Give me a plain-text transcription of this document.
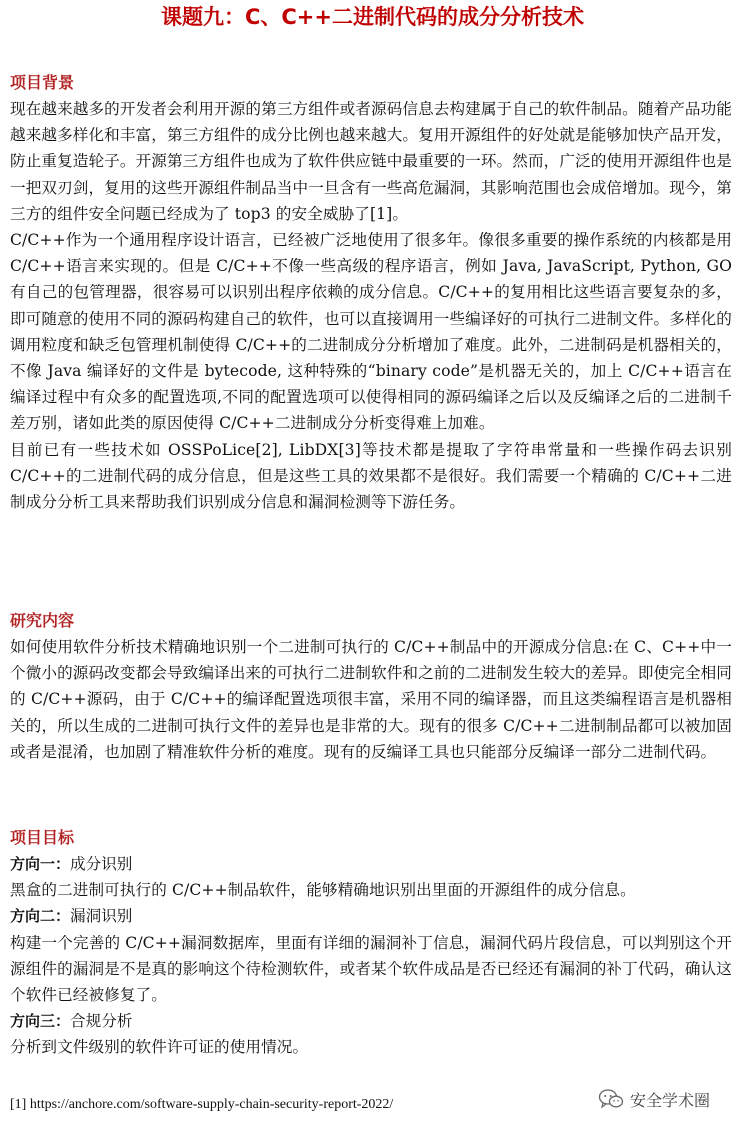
课题九：C、C++二进制代码的成分分析技术
项目背景

现在越来越多的开发者会利用开源的第三方组件或者源码信息去构建属于自己的软件制品。随着产品功能越来越多样化和丰富，第三方组件的成分比例也越来越大。复用开源组件的好处就是能够加快产品开发，防止重复造轮子。开源第三方组件也成为了软件供应链中最重要的一环。然而，广泛的使用开源组件也是一把双刃剑，复用的这些开源组件制品当中一旦含有一些高危漏洞，其影响范围也会成倍增加。现今，第三方的组件安全问题已经成为了 top3 的安全威胁了[1]。

C/C++作为一个通用程序设计语言，已经被广泛地使用了很多年。像很多重要的操作系统的内核都是用 C/C++语言来实现的。但是 C/C++不像一些高级的程序语言，例如 Java, JavaScript, Python, GO 有自己的包管理器，很容易可以识别出程序依赖的成分信息。C/C++的复用相比这些语言要复杂的多，即可随意的使用不同的源码构建自己的软件，也可以直接调用一些编译好的可执行二进制文件。多样化的调用粒度和缺乏包管理机制使得 C/C++的二进制成分分析增加了难度。此外，二进制码是机器相关的，不像 Java 编译好的文件是 bytecode, 这种特殊的“binary code”是机器无关的，加上 C/C++语言在编译过程中有众多的配置选项,不同的配置选项可以使得相同的源码编译之后以及反编译之后的二进制千差万别，诸如此类的原因使得 C/C++二进制成分分析变得难上加难。

目前已有一些技术如 OSSPoLice[2], LibDX[3]等技术都是提取了字符串常量和一些操作码去识别 C/C++的二进制代码的成分信息，但是这些工具的效果都不是很好。我们需要一个精确的 C/C++二进制成分分析工具来帮助我们识别成分信息和漏洞检测等下游任务。

研究内容

如何使用软件分析技术精确地识别一个二进制可执行的 C/C++制品中的开源成分信息:在 C、C++中一个微小的源码改变都会导致编译出来的可执行二进制软件和之前的二进制发生较大的差异。即使完全相同的 C/C++源码，由于 C/C++的编译配置选项很丰富，采用不同的编译器，而且这类编程语言是机器相关的，所以生成的二进制可执行文件的差异也是非常的大。现有的很多 C/C++二进制制品都可以被加固或者是混淆，也加剧了精准软件分析的难度。现有的反编译工具也只能部分反编译一部分二进制代码。

项目目标

方向一：成分识别

黑盒的二进制可执行的 C/C++制品软件，能够精确地识别出里面的开源组件的成分信息。

方向二：漏洞识别

构建一个完善的 C/C++漏洞数据库，里面有详细的漏洞补丁信息，漏洞代码片段信息，可以判别这个开源组件的漏洞是不是真的影响这个待检测软件，或者某个软件成品是否已经还有漏洞的补丁代码，确认这个软件已经被修复了。

方向三：合规分析

分析到文件级别的软件许可证的使用情况。

[1] https://anchore.com/software-supply-chain-security-report-2022/	安全学术圈
